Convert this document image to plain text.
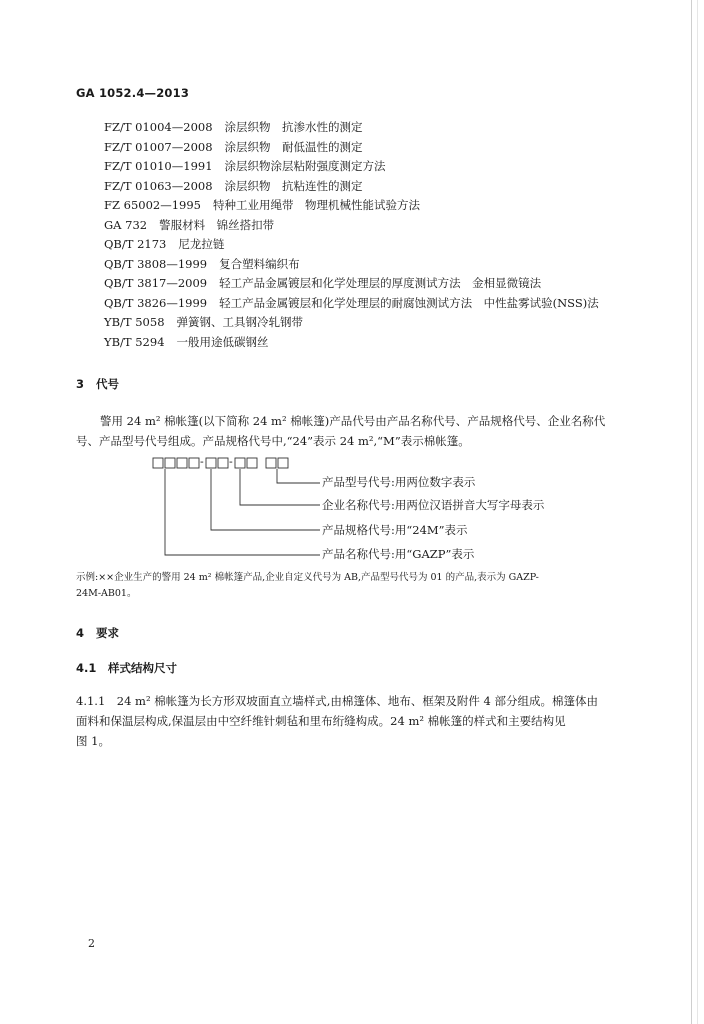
GA 1052.4—2013
FZ/T 01004—2008 涂层织物　抗渗水性的测定
FZ/T 01007—2008 涂层织物　耐低温性的测定
FZ/T 01010—1991 涂层织物涂层粘附强度测定方法
FZ/T 01063—2008 涂层织物　抗粘连性的测定
FZ 65002—1995 特种工业用绳带　物理机械性能试验方法
GA 732 警服材料　锦丝搭扣带
QB/T 2173 尼龙拉链
QB/T 3808—1999 复合塑料编织布
QB/T 3817—2009 轻工产品金属镀层和化学处理层的厚度测试方法　金相显微镜法
QB/T 3826—1999 轻工产品金属镀层和化学处理层的耐腐蚀测试方法　中性盐雾试验(NSS)法
YB/T 5058 弹簧钢、工具钢冷轧钢带
YB/T 5294 一般用途低碳钢丝
3 代号
警用 24 m² 棉帐篷(以下简称 24 m² 棉帐篷)产品代号由产品名称代号、产品规格代号、企业名称代
号、产品型号代号组成。产品规格代号中,“24”表示 24 m²,“M”表示棉帐篷。
- -
产品型号代号:用两位数字表示
企业名称代号:用两位汉语拼音大写字母表示
产品规格代号:用“24M”表示
产品名称代号:用“GAZP”表示
示例:××企业生产的警用 24 m² 棉帐篷产品,企业自定义代号为 AB,产品型号代号为 01 的产品,表示为 GAZP-
24M-AB01。
4 要求
4.1 样式结构尺寸
4.1.1　24 m² 棉帐篷为长方形双坡面直立墙样式,由棉篷体、地布、框架及附件 4 部分组成。棉篷体由
面料和保温层构成,保温层由中空纤维针刺毡和里布绗缝构成。24 m² 棉帐篷的样式和主要结构见
图 1。
2
